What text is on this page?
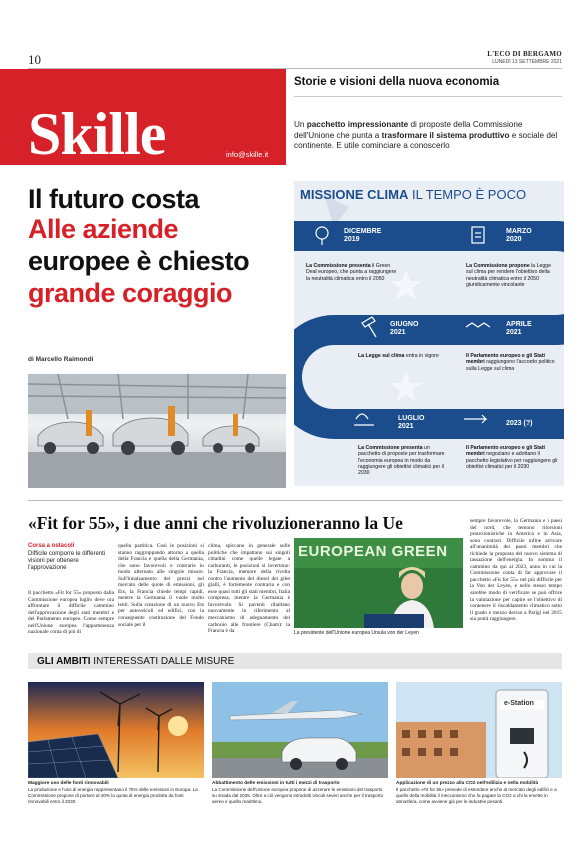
10	L'ECO DI BERGAMO
LUNEDÌ 13 SETTEMBRE 2021
Skille	info@skille.it
Storie e visioni della nuova economia
Un pacchetto impressionante di proposte della Commissione dell'Unione che punta a trasformare il sistema produttivo e sociale del continente. E utile cominciare a conoscerlo
Il futuro costa
Alle aziende
europee è chiesto
grande coraggio
di Marcello Raimondi
MISSIONE CLIMA IL TEMPO È POCO
DICEMBRE
2019
La Commissione presenta il Green Deal europeo, che punta a raggiungere la neutralità climatica entro il 2050
MARZO
2020
La Commissione propone la Legge sul clima per rendere l'obiettivo della neutralità climatica entro il 2050 giuridicamente vincolante
GIUGNO
2021
La Legge sul clima entra in vigore
APRILE
2021
Il Parlamento europeo e gli Stati membri raggiungono l'accordo politico sulla Legge sul clima
LUGLIO
2021
La Commissione presenta un pacchetto di proposte per trasformare l'economia europea in modo da raggiungere gli obiettivi climatici per il 2030
2023 (?)
Il Parlamento europeo e gli Stati membri negoziano e adottano il pacchetto legislativo per raggiungere gli obiettivi climatici per il 2030
«Fit for 55», i due anni che rivoluzioneranno la Ue
Corsa a ostacoli
Difficile comporre le differenti visioni per ottenere l'approvazione
Il pacchetto «Fit for 55» proposto dalla Commissione europea luglio deve ora affrontare il difficile cammino dell'approvazione degli stati membri e del Parlamento europeo. Come sempre nell'Unione europea l'appartenenza nazionale conta di più di
quella partitica. Così le posizioni si stanno raggruppando attorno a quella della Francia e quella della Germania, che sono favorevoli o contrarie in modo alternato alle singole misure. Sull'innalzamento dei prezzi nel mercato delle quote di emissioni, gli Ets, la Francia chiede tempi rapidi, mentre la Germania li vuole molto lenti. Sulla creazione di un nuovo Ets per autoveicoli ed edifici, con la conseguente costituzione del Fondo sociale per il
clima, spiccano in generale sulle politiche che impattano sui singoli cittadini come quelle legate a carburanti, le posizioni si invertono: la Francia, memore della rivolta contro l'aumento del diesel dei gilet gialli, è fortemente contraria e con esse quasi tutti gli stati membri, Italia compresa, mentre la Germania è favorevole. Si paventi ribaltano nuovamente in riferimento al meccanismo di adeguamento del carbonio alle frontiere (Cbam): la Francia è da
EUROPEAN GREEN
La presidente dell'Unione europea Ursula von der Leyen
sempre favorevole, la Germania e i paesi del nord, che temono ritorsioni protezionistiche in America e in Asia, sono contrari. Difficile infine arrivare all'unanimità dei paesi membri che richiede la proposta del nuovo sistema di tassazione dell'energia. In somma il cammino da qui al 2023, anno in cui la Commissione conta di far approvare il pacchetto «Fit for 55» nel più difficile per la Von der Leyen, e nello stesso tempo sarebbe modo di verificare se può offrire la valutazione per capire se l'obiettivo di contenere il riscaldamento climatico sotto il grado e mezzo deciso a Parigi nel 2015 sia potrà raggiungere.
GLI AMBITI INTERESSATI DALLE MISURE
Maggiore uso delle fonti rinnovabili
La produzione e l'uso di energia rappresentano il 75% delle emissioni in Europa. La Commissione propone di portare al 40% la quota di energia prodotta da fonti rinnovabili entro il 2030.
Abbattimento delle emissioni in tutti i mezzi di trasporto
La Commissione dell'Unione europea propone di azzerare le emissioni del trasporto su strada dal 2035. Oltre a ciò vengono introdotti vincoli severi anche per il trasporto aereo e quello marittimo.
e-Station
Applicazione di un prezzo alla CO2 nell'edilizia e nella mobilità
Il pacchetto «Fit for 55» prevede di estendere anche al mercato degli edifici e a quello della mobilità il meccanismo che fa pagare la CO2 a chi la emette in atmosfera, come avviene già per le industrie pesanti.
